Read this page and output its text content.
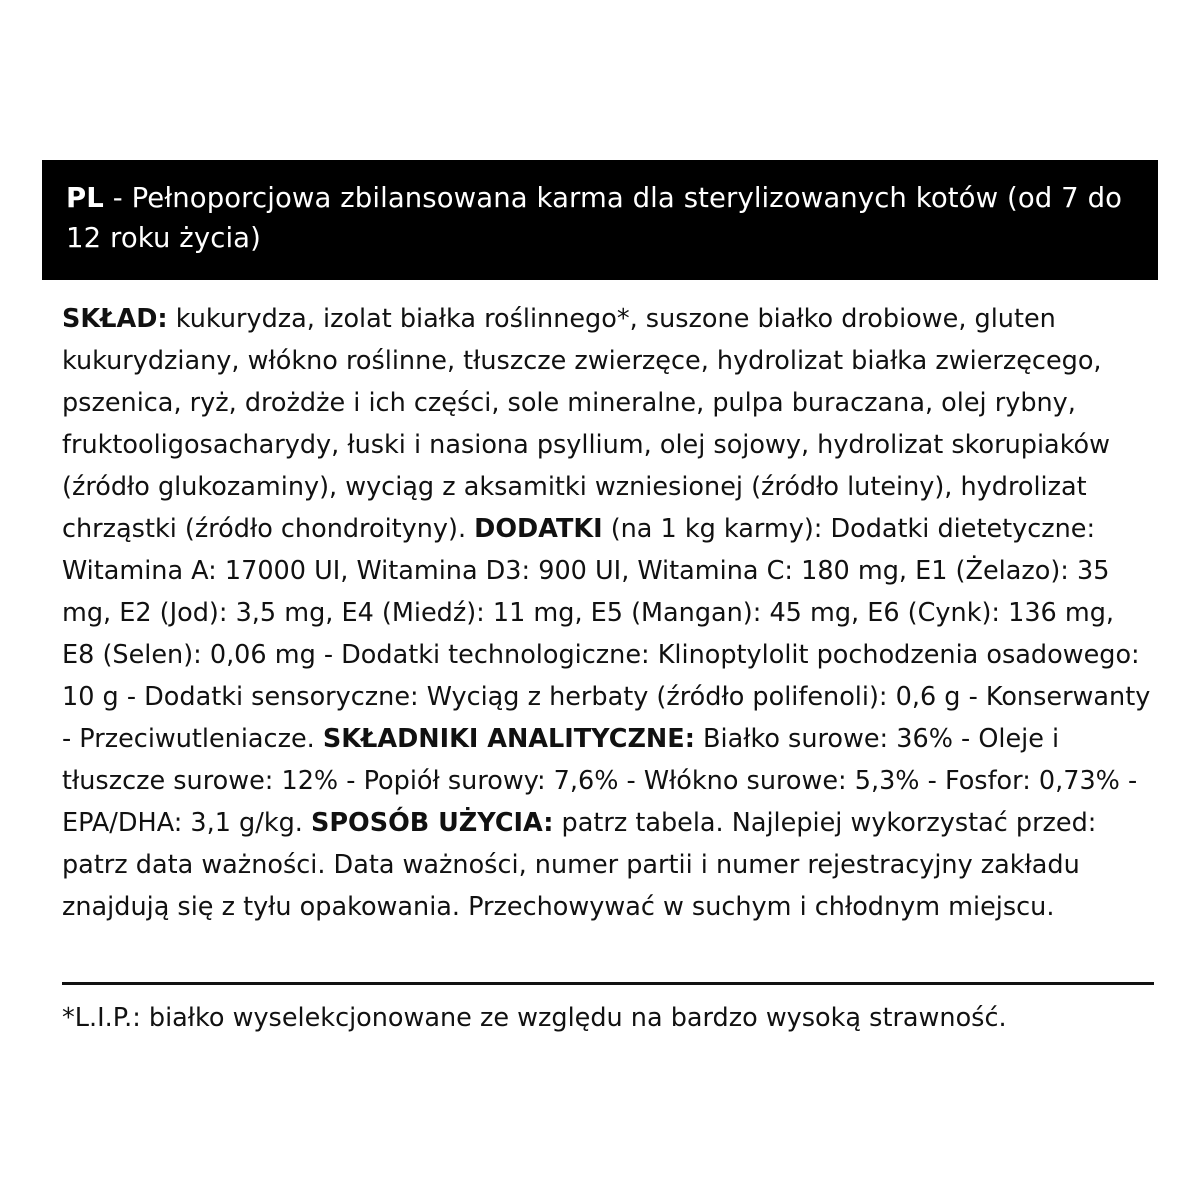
PL - Pełnoporcjowa zbilansowana karma dla sterylizowanych kotów (od 7 do 12 roku życia)

SKŁAD: kukurydza, izolat białka roślinnego*, suszone białko drobiowe, gluten kukurydziany, włókno roślinne, tłuszcze zwierzęce, hydrolizat białka zwierzęcego, pszenica, ryż, drożdże i ich części, sole mineralne, pulpa buraczana, olej rybny, fruktooligosacharydy, łuski i nasiona psyllium, olej sojowy, hydrolizat skorupiaków (źródło glukozaminy), wyciąg z aksamitki wzniesionej (źródło luteiny), hydrolizat chrząstki (źródło chondroityny). DODATKI (na 1 kg karmy): Dodatki dietetyczne: Witamina A: 17000 UI, Witamina D3: 900 UI, Witamina C: 180 mg, E1 (Żelazo): 35 mg, E2 (Jod): 3,5 mg, E4 (Miedź): 11 mg, E5 (Mangan): 45 mg, E6 (Cynk): 136 mg, E8 (Selen): 0,06 mg - Dodatki technologiczne: Klinoptylolit pochodzenia osadowego: 10 g - Dodatki sensoryczne: Wyciąg z herbaty (źródło polifenoli): 0,6 g - Konserwanty - Przeciwutleniacze. SKŁADNIKI ANALITYCZNE: Białko surowe: 36% - Oleje i tłuszcze surowe: 12% - Popiół surowy: 7,6% - Włókno surowe: 5,3% - Fosfor: 0,73% - EPA/DHA: 3,1 g/kg. SPOSÓB UŻYCIA: patrz tabela. Najlepiej wykorzystać przed: patrz data ważności. Data ważności, numer partii i numer rejestracyjny zakładu znajdują się z tyłu opakowania. Przechowywać w suchym i chłodnym miejscu.

*L.I.P.: białko wyselekcjonowane ze względu na bardzo wysoką strawność.
